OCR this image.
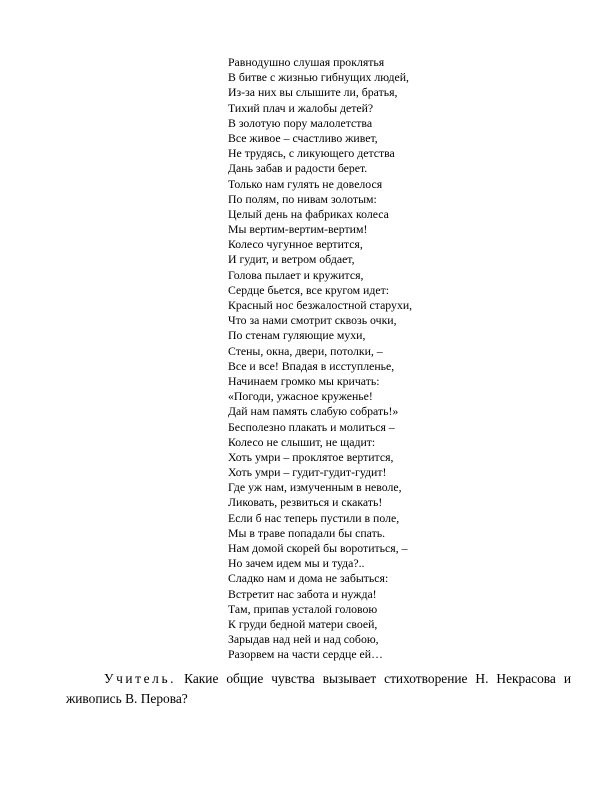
Равнодушно слушая проклятья
В битве с жизнью гибнущих людей,
Из-за них вы слышите ли, братья,
Тихий плач и жалобы детей?
В золотую пору малолетства
Все живое – счастливо живет,
Не трудясь, с ликующего детства
Дань забав и радости берет.
Только нам гулять не довелося
По полям, по нивам золотым:
Целый день на фабриках колеса
Мы вертим-вертим-вертим!
Колесо чугунное вертится,
И гудит, и ветром обдает,
Голова пылает и кружится,
Сердце бьется, все кругом идет:
Красный нос безжалостной старухи,
Что за нами смотрит сквозь очки,
По стенам гуляющие мухи,
Стены, окна, двери, потолки, –
Все и все! Впадая в исступленье,
Начинаем громко мы кричать:
«Погоди, ужасное круженье!
Дай нам память слабую собрать!»
Бесполезно плакать и молиться –
Колесо не слышит, не щадит:
Хоть умри – проклятое вертится,
Хоть умри – гудит-гудит-гудит!
Где уж нам, измученным в неволе,
Ликовать, резвиться и скакать!
Если б нас теперь пустили в поле,
Мы в траве попадали бы спать.
Нам домой скорей бы воротиться, –
Но зачем идем мы и туда?..
Сладко нам и дома не забыться:
Встретит нас забота и нужда!
Там, припав усталой головою
К груди бедной матери своей,
Зарыдав над ней и над собою,
Разорвем на части сердце ей…

Учитель. Какие общие чувства вызывает стихотворение Н. Некрасова и живопись В. Перова?
